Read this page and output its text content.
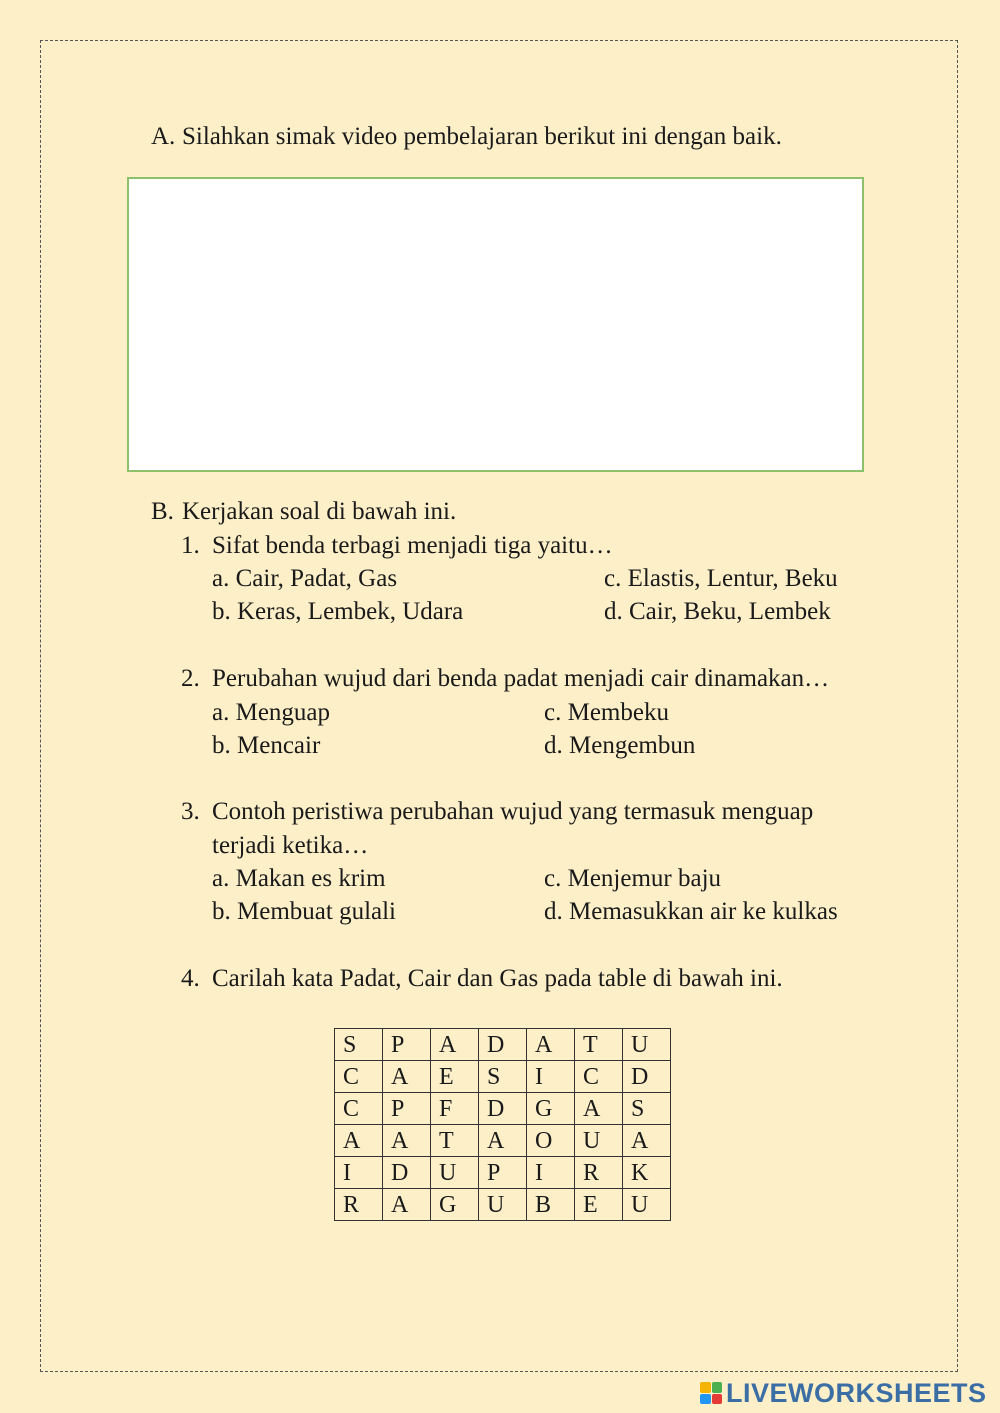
A. Silahkan simak video pembelajaran berikut ini dengan baik.
B. Kerjakan soal di bawah ini.
1. Sifat benda terbagi menjadi tiga yaitu…
a. Cair, Padat, Gas
b. Keras, Lembek, Udara
c. Elastis, Lentur, Beku
d. Cair, Beku, Lembek
2. Perubahan wujud dari benda padat menjadi cair dinamakan…
a. Menguap
b. Mencair
c. Membeku
d. Mengembun
3. Contoh peristiwa perubahan wujud yang termasuk menguap
terjadi ketika…
a. Makan es krim
b. Membuat gulali
c. Menjemur baju
d. Memasukkan air ke kulkas
4. Carilah kata Padat, Cair dan Gas pada table di bawah ini.
S	P	A	D	A	T	U
C	A	E	S	I	C	D
C	P	F	D	G	A	S
A	A	T	A	O	U	A
I	D	U	P	I	R	K
R	A	G	U	B	E	U
LIVEWORKSHEETS
